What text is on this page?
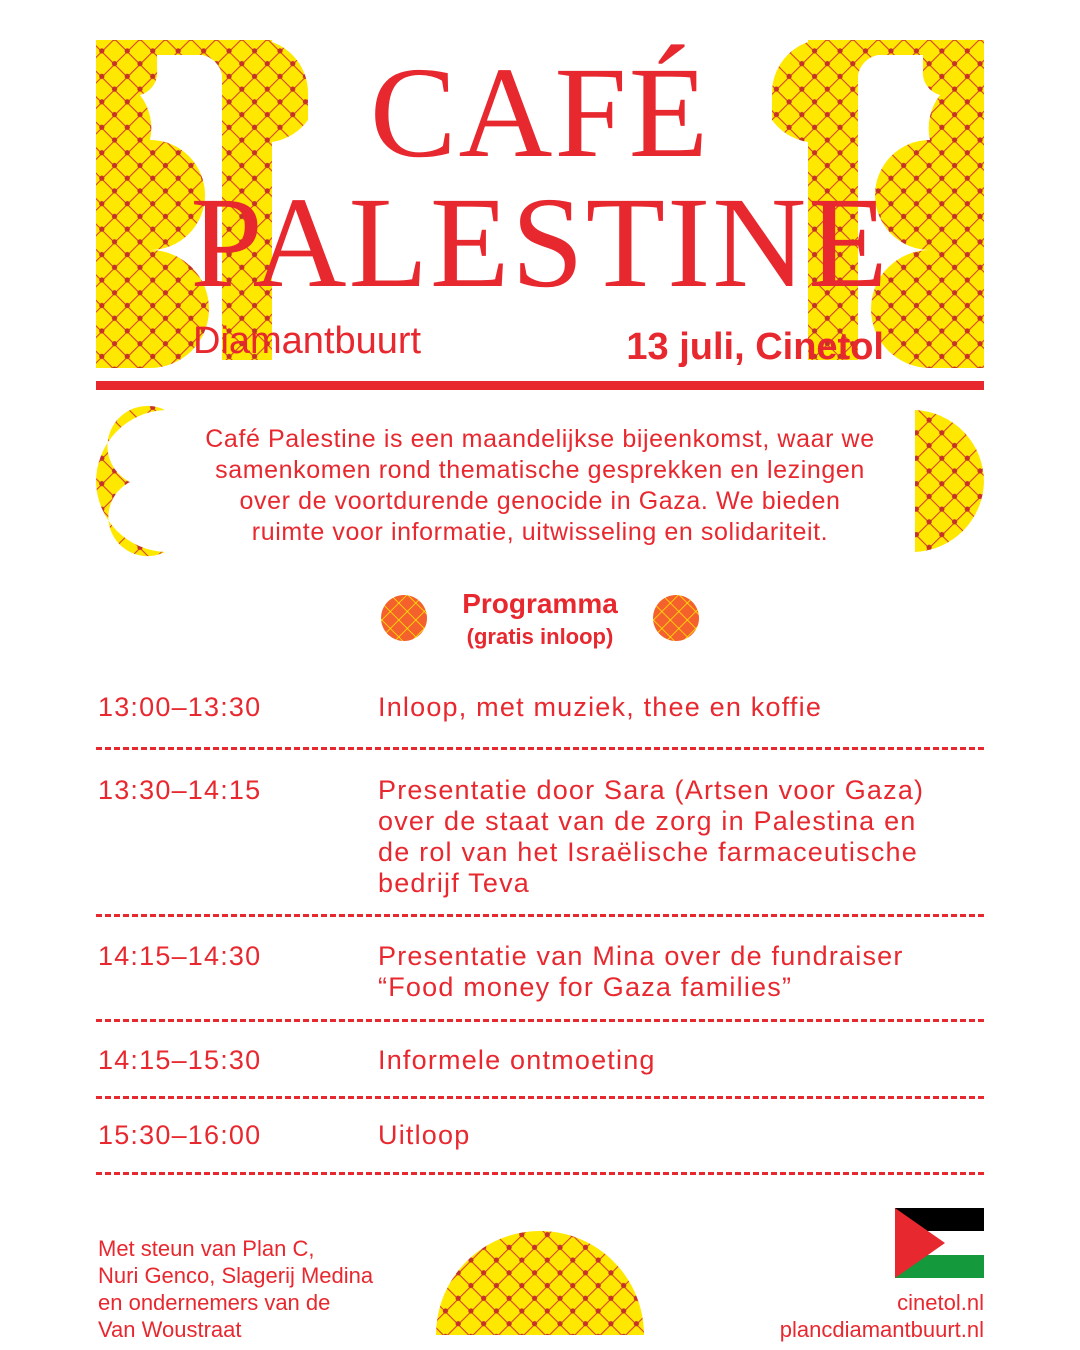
CAFÉ
PALESTINE
Diamantbuurt	13 juli, Cinetol
Café Palestine is een maandelijkse bijeenkomst, waar we
samenkomen rond thematische gesprekken en lezingen
over de voortdurende genocide in Gaza. We bieden
ruimte voor informatie, uitwisseling en solidariteit.
Programma
(gratis inloop)
13:00–13:30	Inloop, met muziek, thee en koffie
13:30–14:15	Presentatie door Sara (Artsen voor Gaza)
over de staat van de zorg in Palestina en
de rol van het Israëlische farmaceutische
bedrijf Teva
14:15–14:30	Presentatie van Mina over de fundraiser
“Food money for Gaza families”
14:15–15:30	Informele ontmoeting
15:30–16:00	Uitloop
Met steun van Plan C,
Nuri Genco, Slagerij Medina
en ondernemers van de
Van Woustraat
cinetol.nl
plancdiamantbuurt.nl
